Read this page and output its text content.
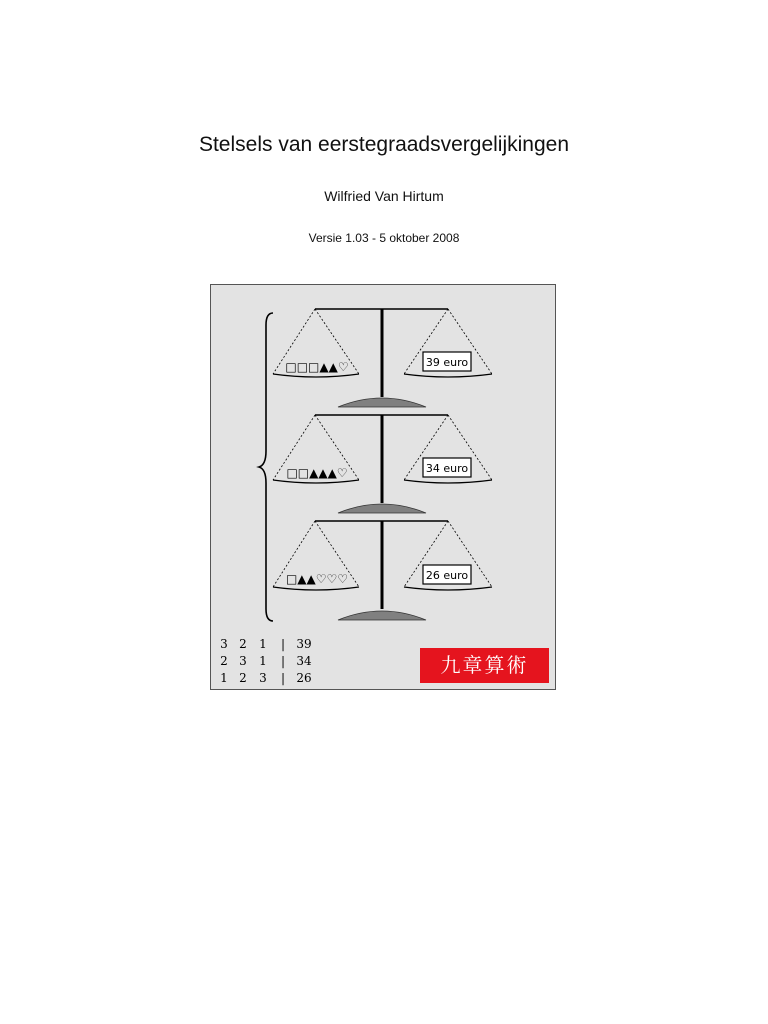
Stelsels van eerstegraadsvergelijkingen
Wilfried Van Hirtum
Versie 1.03 - 5 oktober 2008
□□□▲▲♡	39 euro
□□▲▲▲♡	34 euro
□▲▲♡♡♡	26 euro
3 2 1 | 39
2 3 1 | 34
1 2 3 | 26
九章算術
